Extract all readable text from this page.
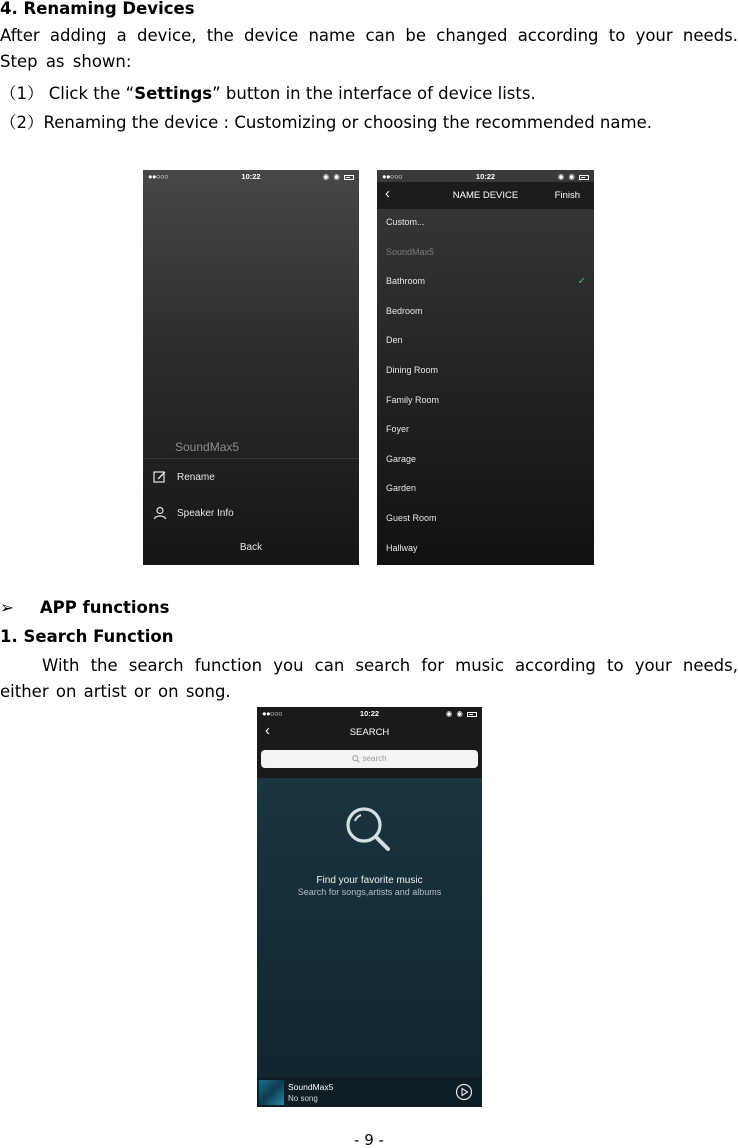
4. Renaming Devices
After adding a device, the device name can be changed according to your needs. Step as shown:
（1） Click the “Settings” button in the interface of device lists.
（2）Renaming the device : Customizing or choosing the recommended name.
●●○○○	10:22	◉ ◉
SoundMax5
Rename
Speaker Info
Back
●●○○○	10:22	◉ ◉
‹	NAME DEVICE	Finish
Custom...
SoundMax5
Bathroom
Bedroom
Den
Dining Room
Family Room
Foyer
Garage
Garden
Guest Room
Hallway
✓
➢ APP functions
1. Search Function
With the search function you can search for music according to your needs, either on artist or on song.
●●○○○	10:22	◉ ◉
‹	SEARCH
search
Find your favorite music
Search for songs,artists and albums
SoundMax5
No song
- 9 -
